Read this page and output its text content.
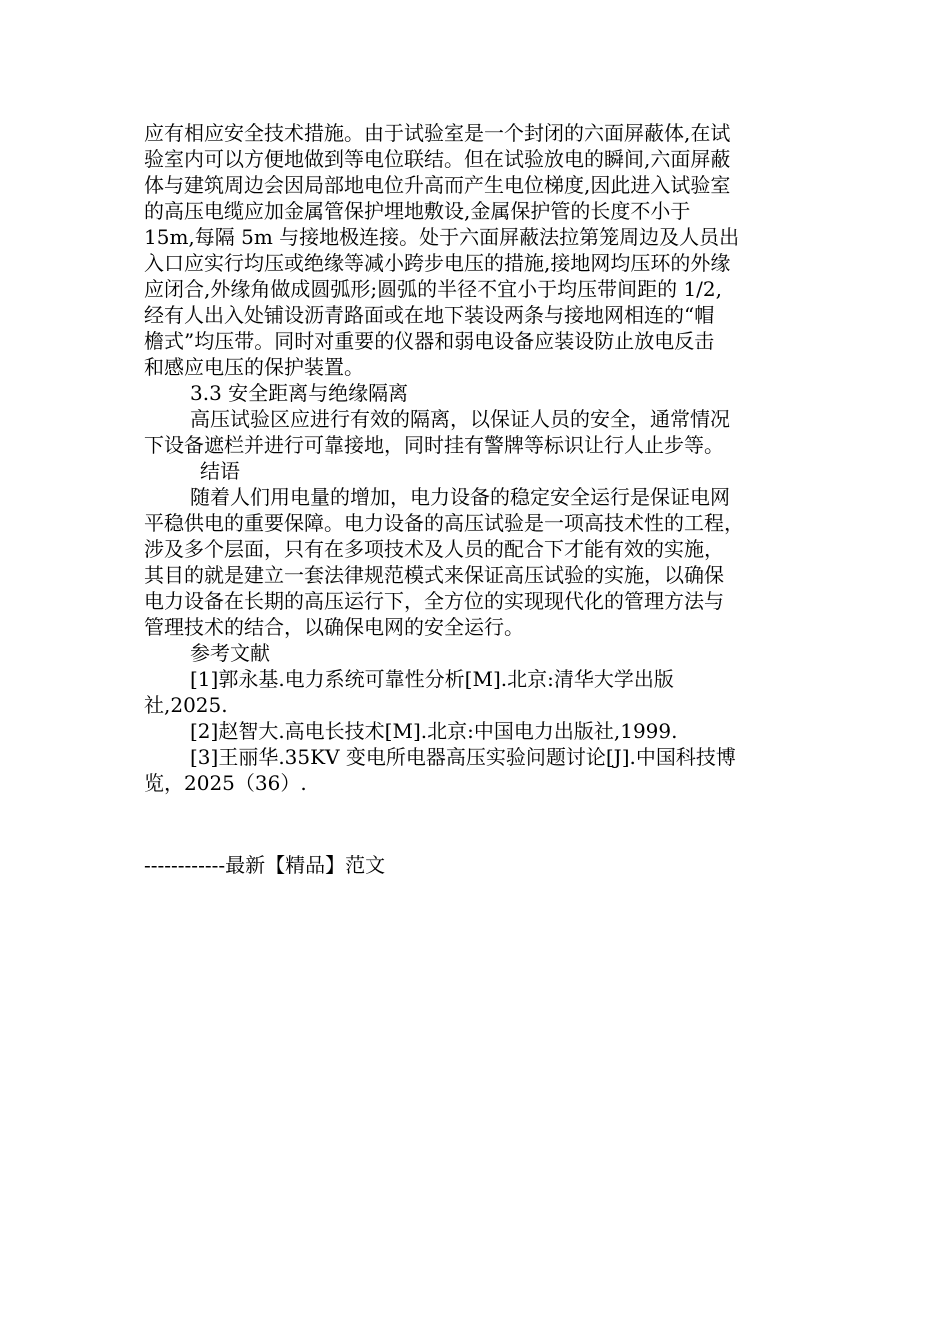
应有相应安全技术措施。由于试验室是一个封闭的六面屏蔽体,在试
验室内可以方便地做到等电位联结。但在试验放电的瞬间,六面屏蔽
体与建筑周边会因局部地电位升高而产生电位梯度,因此进入试验室
的高压电缆应加金属管保护埋地敷设,金属保护管的长度不小于
15m,每隔 5m 与接地极连接。处于六面屏蔽法拉第笼周边及人员出
入口应实行均压或绝缘等减小跨步电压的措施,接地网均压环的外缘
应闭合,外缘角做成圆弧形;圆弧的半径不宜小于均压带间距的 1/2,
经有人出入处铺设沥青路面或在地下装设两条与接地网相连的“帽
檐式”均压带。同时对重要的仪器和弱电设备应装设防止放电反击
和感应电压的保护装置。
3.3 安全距离与绝缘隔离
高压试验区应进行有效的隔离，以保证人员的安全，通常情况
下设备遮栏并进行可靠接地，同时挂有警牌等标识让行人止步等。
结语
随着人们用电量的增加，电力设备的稳定安全运行是保证电网
平稳供电的重要保障。电力设备的高压试验是一项高技术性的工程，
涉及多个层面，只有在多项技术及人员的配合下才能有效的实施，
其目的就是建立一套法律规范模式来保证高压试验的实施，以确保
电力设备在长期的高压运行下，全方位的实现现代化的管理方法与
管理技术的结合，以确保电网的安全运行。
参考文献
[1]郭永基.电力系统可靠性分析[M].北京:清华大学出版
社,2025.
[2]赵智大.高电长技术[M].北京:中国电力出版社,1999.
[3]王丽华.35KV 变电所电器高压实验问题讨论[J].中国科技博
览，2025（36）.
------------最新【精品】范文
